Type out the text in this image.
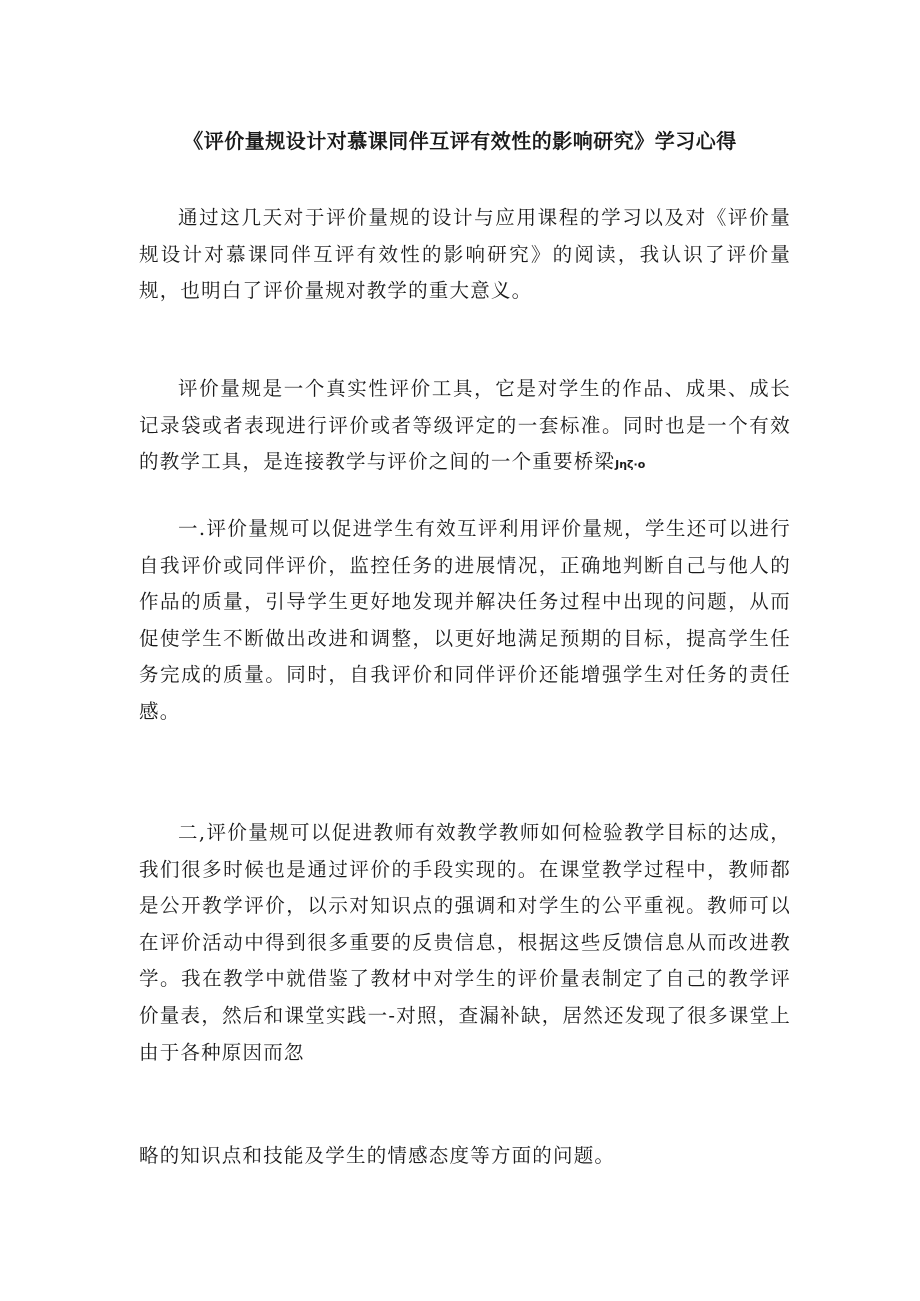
《评价量规设计对慕课同伴互评有效性的影响研究》学习心得

通过这几天对于评价量规的设计与应用课程的学习以及对《评价量规设计对慕课同伴互评有效性的影响研究》的阅读，我认识了评价量规，也明白了评价量规对教学的重大意义。

评价量规是一个真实性评价工具，它是对学生的作品、成果、成长记录袋或者表现进行评价或者等级评定的一套标准。同时也是一个有效的教学工具，是连接教学与评价之间的一个重要桥梁Jηζ·o

一.评价量规可以促进学生有效互评利用评价量规，学生还可以进行自我评价或同伴评价，监控任务的进展情况，正确地判断自己与他人的作品的质量，引导学生更好地发现并解决任务过程中出现的问题，从而促使学生不断做出改进和调整，以更好地满足预期的目标，提高学生任务完成的质量。同时，自我评价和同伴评价还能增强学生对任务的责任感。

二,评价量规可以促进教师有效教学教师如何检验教学目标的达成，我们很多时候也是通过评价的手段实现的。在课堂教学过程中，教师都是公开教学评价，以示对知识点的强调和对学生的公平重视。教师可以在评价活动中得到很多重要的反贵信息，根据这些反馈信息从而改进教学。我在教学中就借鉴了教材中对学生的评价量表制定了自己的教学评价量表，然后和课堂实践一-对照，查漏补缺，居然还发现了很多课堂上由于各种原因而忽

略的知识点和技能及学生的情感态度等方面的问题。
